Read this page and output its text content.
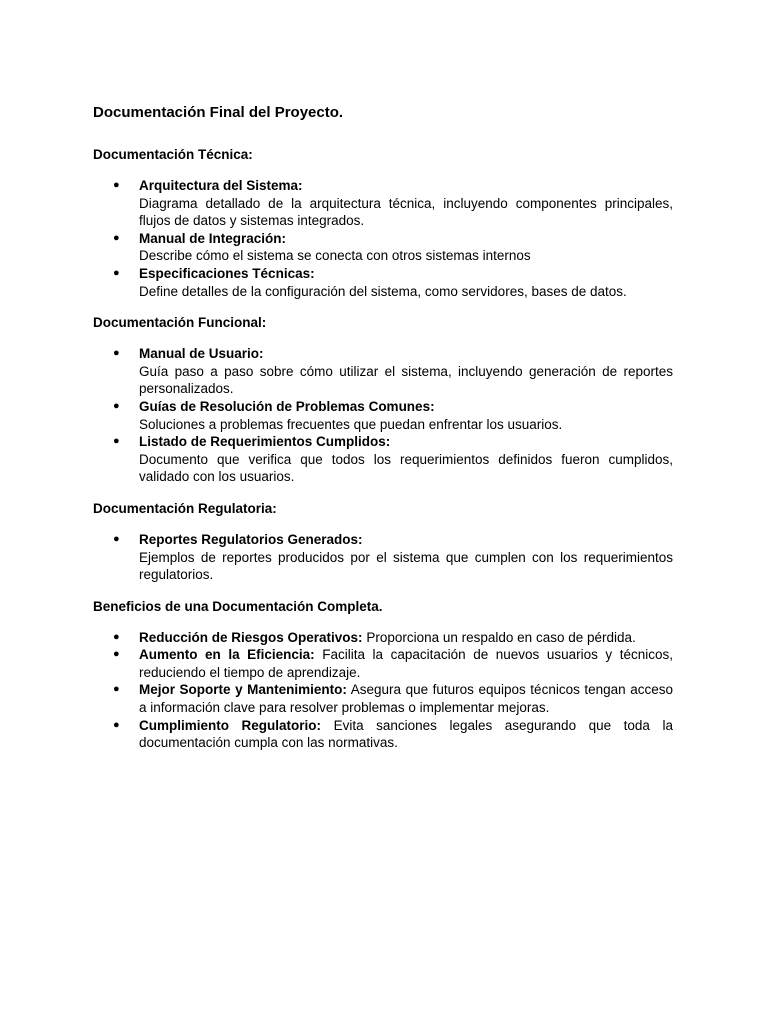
Documentación Final del Proyecto.
Documentación Técnica:
● Arquitectura del Sistema:
Diagrama detallado de la arquitectura técnica, incluyendo componentes principales, flujos de datos y sistemas integrados.
● Manual de Integración:
Describe cómo el sistema se conecta con otros sistemas internos
● Especificaciones Técnicas:
Define detalles de la configuración del sistema, como servidores, bases de datos.
Documentación Funcional:
● Manual de Usuario:
Guía paso a paso sobre cómo utilizar el sistema, incluyendo generación de reportes personalizados.
● Guías de Resolución de Problemas Comunes:
Soluciones a problemas frecuentes que puedan enfrentar los usuarios.
● Listado de Requerimientos Cumplidos:
Documento que verifica que todos los requerimientos definidos fueron cumplidos, validado con los usuarios.
Documentación Regulatoria:
● Reportes Regulatorios Generados:
Ejemplos de reportes producidos por el sistema que cumplen con los requerimientos regulatorios.
Beneficios de una Documentación Completa.
● Reducción de Riesgos Operativos: Proporciona un respaldo en caso de pérdida.
● Aumento en la Eficiencia: Facilita la capacitación de nuevos usuarios y técnicos, reduciendo el tiempo de aprendizaje.
● Mejor Soporte y Mantenimiento: Asegura que futuros equipos técnicos tengan acceso a información clave para resolver problemas o implementar mejoras.
● Cumplimiento Regulatorio: Evita sanciones legales asegurando que toda la documentación cumpla con las normativas.
